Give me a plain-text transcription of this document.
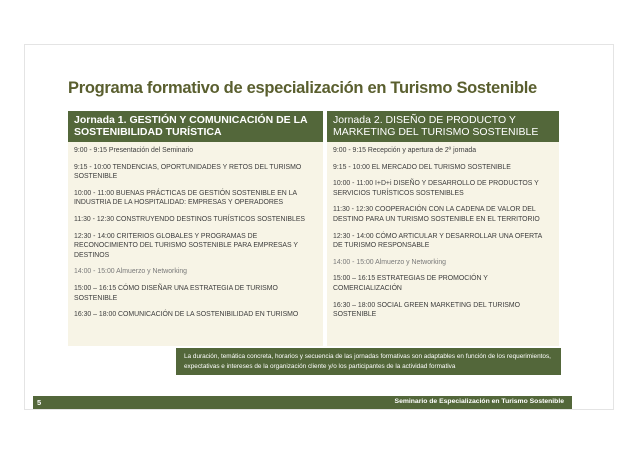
Programa formativo de especialización en Turismo Sostenible
Jornada 1. GESTIÓN Y COMUNICACIÓN DE LA SOSTENIBILIDAD TURÍSTICA

9:00 - 9:15 Presentación del Seminario

9:15 - 10:00 TENDENCIAS, OPORTUNIDADES Y RETOS DEL TURISMO SOSTENIBLE

10:00 - 11:00 BUENAS PRÁCTICAS DE GESTIÓN SOSTENIBLE EN LA INDUSTRIA DE LA HOSPITALIDAD: EMPRESAS Y OPERADORES

11:30 - 12:30 CONSTRUYENDO DESTINOS TURÍSTICOS SOSTENIBLES

12:30 - 14:00 CRITERIOS GLOBALES Y PROGRAMAS DE RECONOCIMIENTO DEL TURISMO SOSTENIBLE PARA EMPRESAS Y DESTINOS

14:00 - 15:00 Almuerzo y Networking

15:00 – 16:15 CÓMO DISEÑAR UNA ESTRATEGIA DE TURISMO SOSTENIBLE

16:30 – 18:00 COMUNICACIÓN DE LA SOSTENIBILIDAD EN TURISMO

Jornada 2. DISEÑO DE PRODUCTO Y MARKETING DEL TURISMO SOSTENIBLE

9:00 - 9:15 Recepción y apertura de 2º jornada

9:15 - 10:00 EL MERCADO DEL TURISMO SOSTENIBLE

10:00 - 11:00 I+D+i DISEÑO Y DESARROLLO DE PRODUCTOS Y SERVICIOS TURÍSTICOS SOSTENIBLES

11:30 - 12:30 COOPERACIÓN CON LA CADENA DE VALOR DEL DESTINO PARA UN TURISMO SOSTENIBLE EN EL TERRITORIO

12:30 - 14:00 CÓMO ARTICULAR Y DESARROLLAR UNA OFERTA DE TURISMO RESPONSABLE

14:00 - 15:00 Almuerzo y Networking

15:00 – 16:15 ESTRATEGIAS DE PROMOCIÓN Y COMERCIALIZACIÓN

16:30 – 18:00 SOCIAL GREEN MARKETING DEL TURISMO SOSTENIBLE

La duración, temática concreta, horarios y secuencia de las jornadas formativas son adaptables en función de los requerimientos, expectativas e intereses de la organización cliente y/o los participantes de la actividad formativa
5	Seminario de Especialización en Turismo Sostenible
